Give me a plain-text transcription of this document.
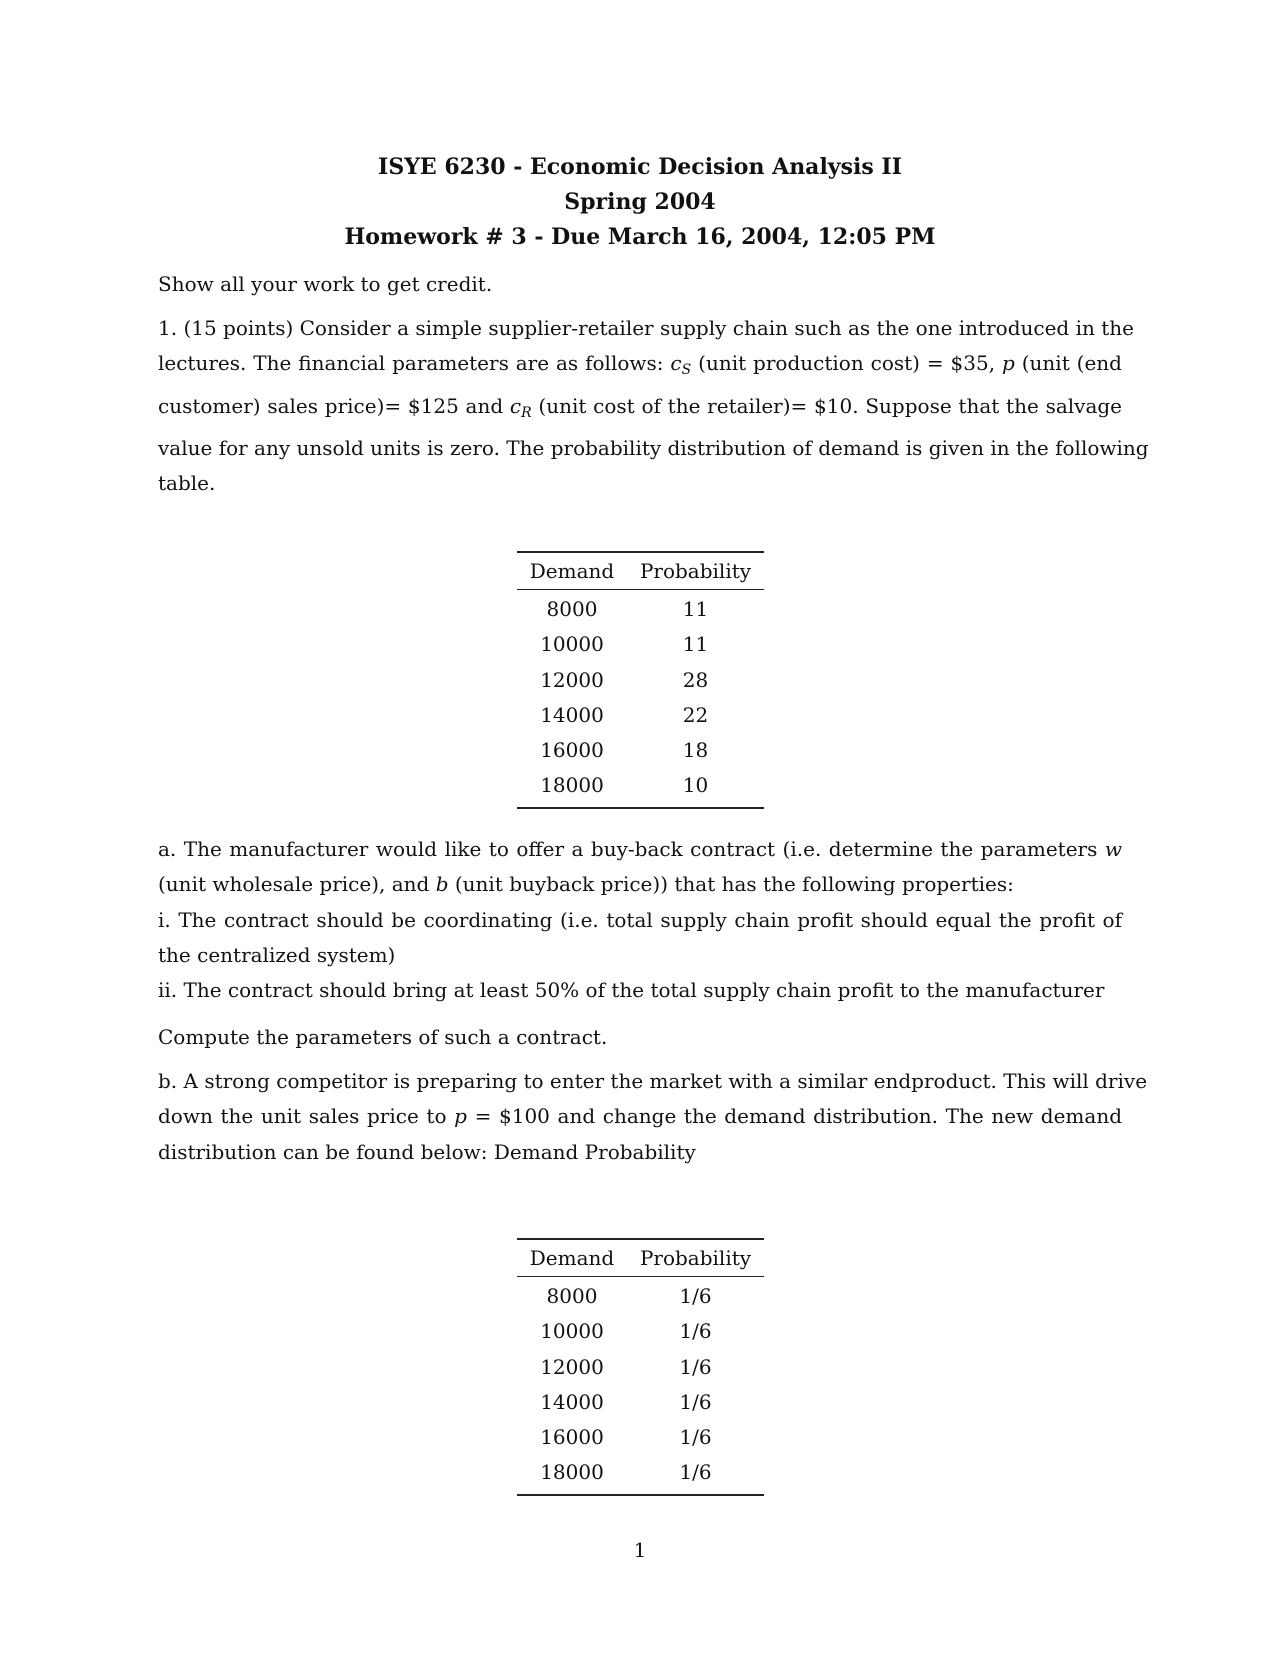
ISYE 6230 - Economic Decision Analysis II
Spring 2004
Homework # 3 - Due March 16, 2004, 12:05 PM
Show all your work to get credit.
1. (15 points) Consider a simple supplier-retailer supply chain such as the one introduced in the
lectures. The financial parameters are as follows: $c_S$ (unit production cost) = $35, p (unit (end
customer) sales price)= $125 and $c_R$ (unit cost of the retailer)= $10. Suppose that the salvage
value for any unsold units is zero. The probability distribution of demand is given in the following
table.
Demand	Probability
8000	11
10000	11
12000	28
14000	22
16000	18
18000	10
a. The manufacturer would like to offer a buy-back contract (i.e. determine the parameters w
(unit wholesale price), and b (unit buyback price)) that has the following properties:
i. The contract should be coordinating (i.e. total supply chain profit should equal the profit of
the centralized system)
ii. The contract should bring at least 50% of the total supply chain profit to the manufacturer
Compute the parameters of such a contract.
b. A strong competitor is preparing to enter the market with a similar endproduct. This will drive
down the unit sales price to p = $100 and change the demand distribution. The new demand
distribution can be found below: Demand Probability
Demand	Probability
8000	1/6
10000	1/6
12000	1/6
14000	1/6
16000	1/6
18000	1/6
1
